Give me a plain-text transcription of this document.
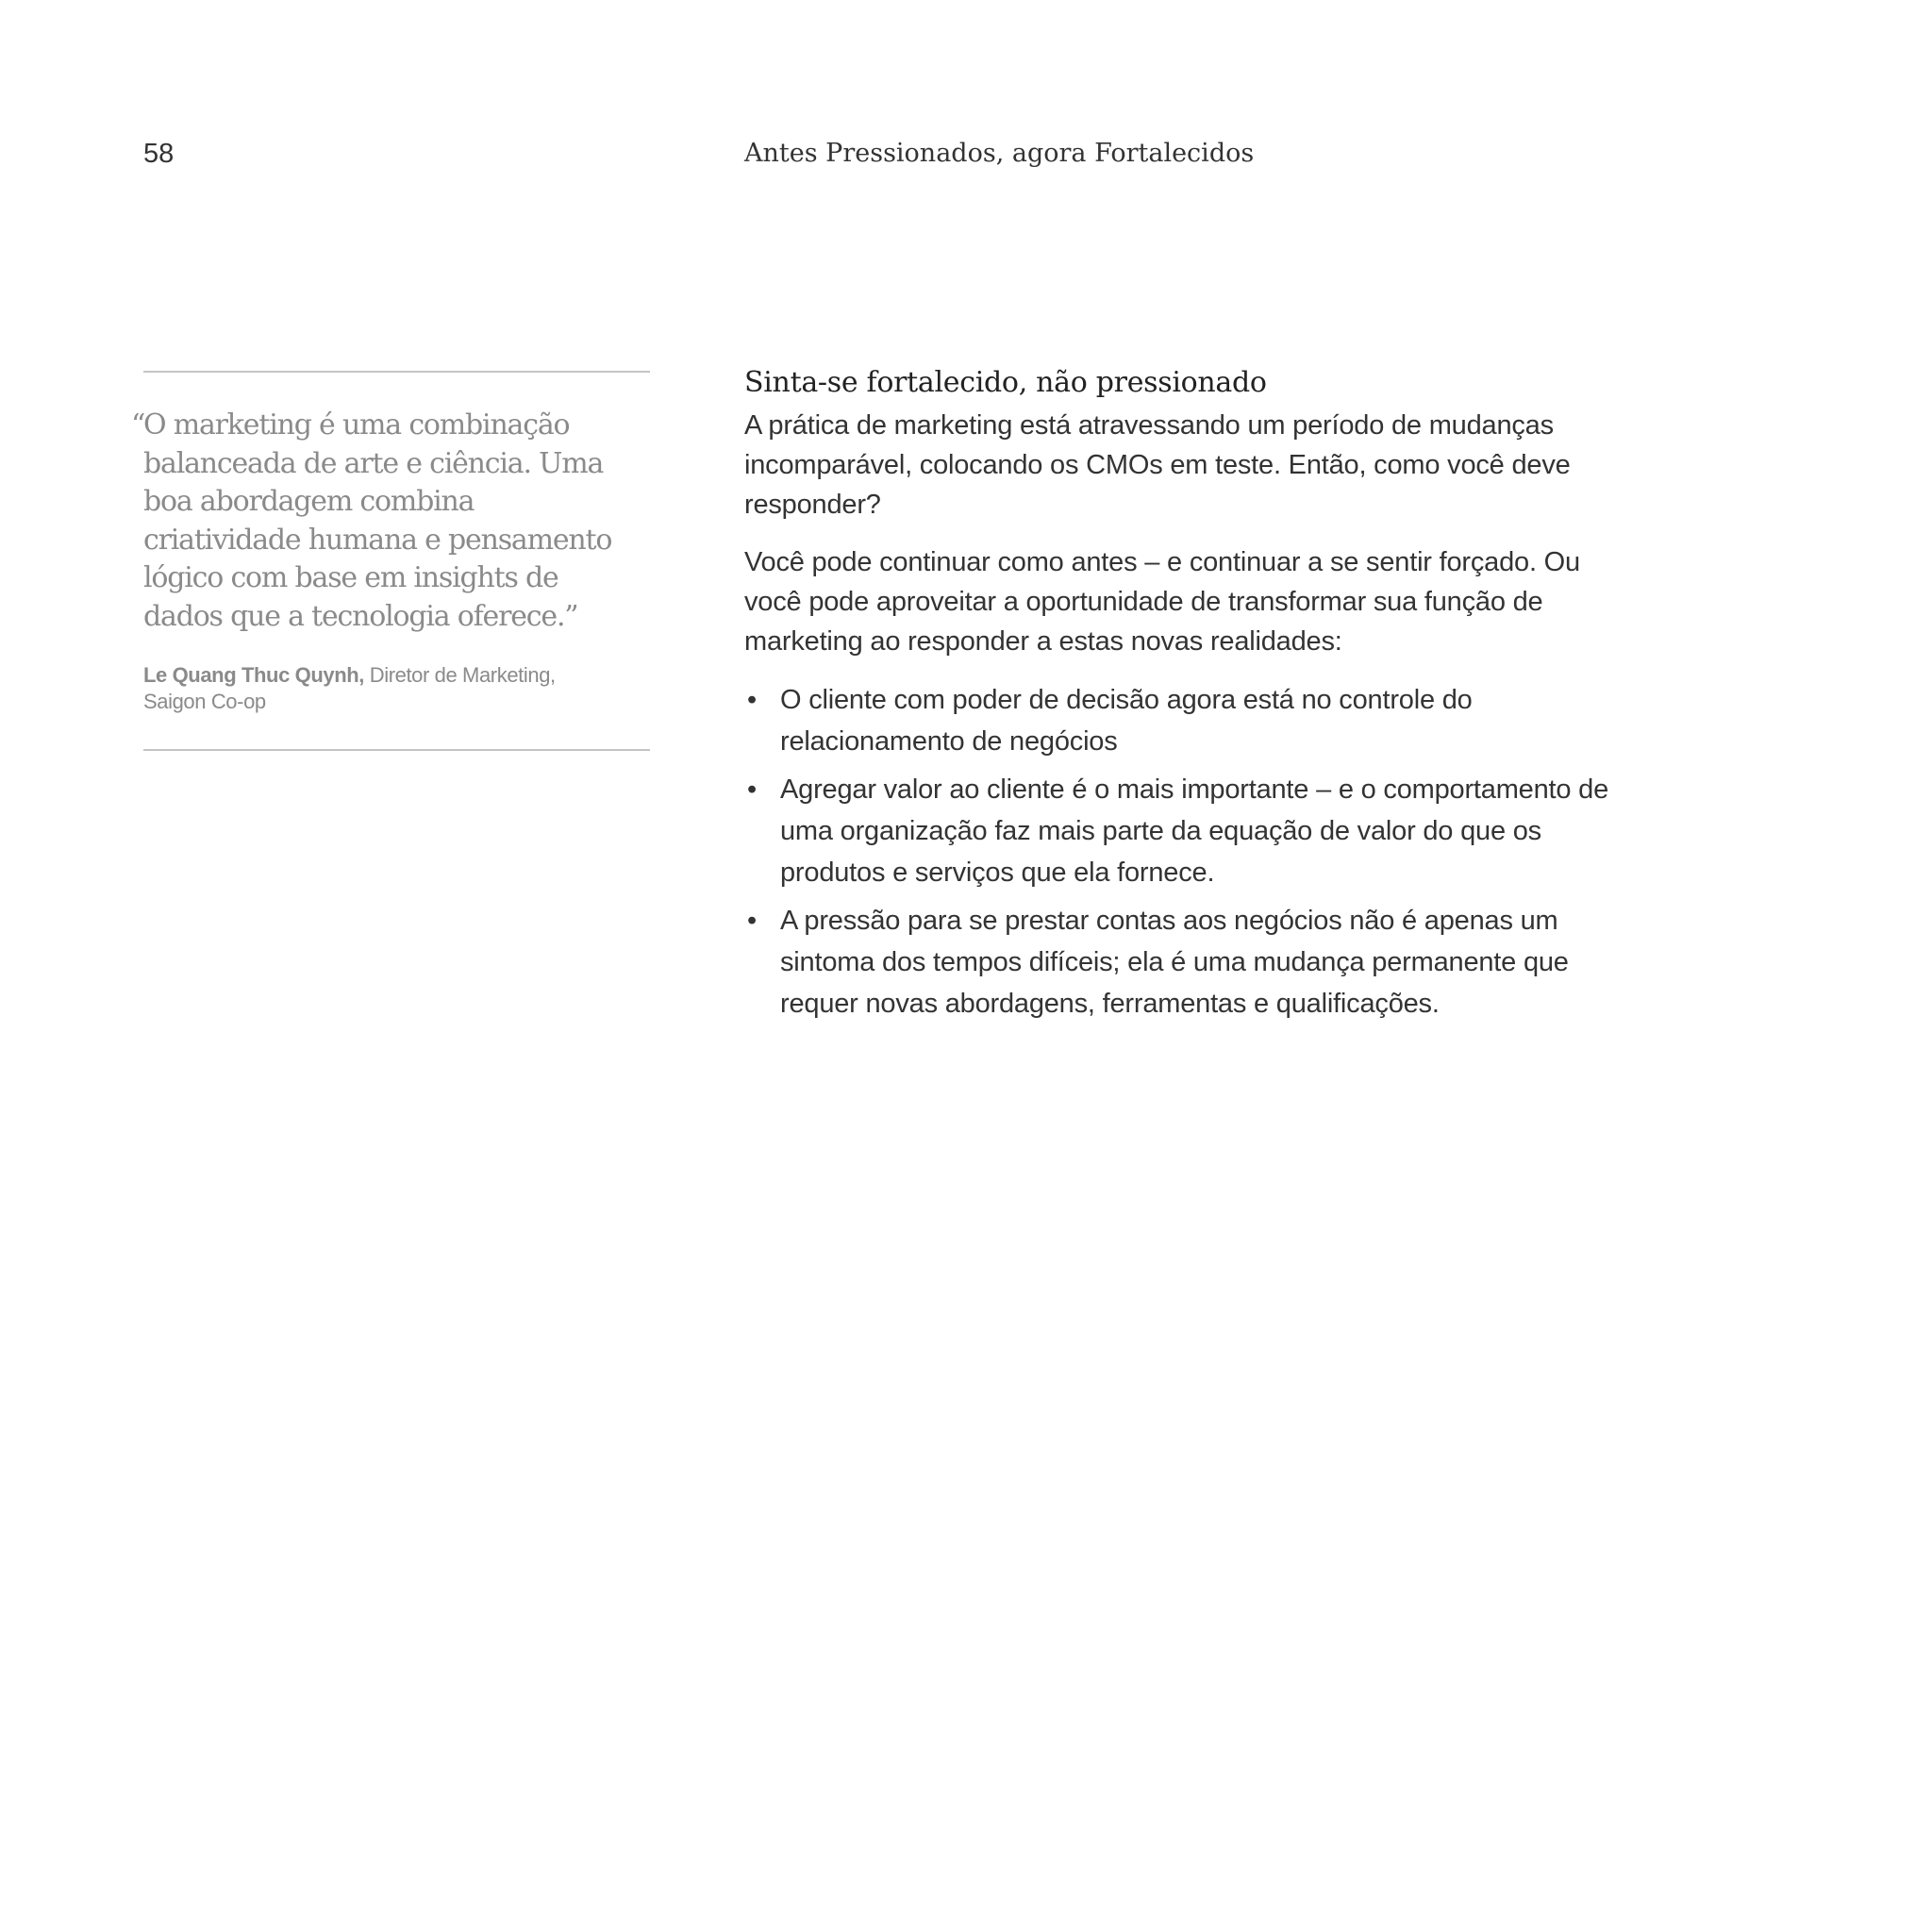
58	Antes Pressionados, agora Fortalecidos
“
O marketing é uma combinação
balanceada de arte e ciência. Uma
boa abordagem combina
criatividade humana e pensamento
lógico com base em insights de
dados que a tecnologia oferece.”
Le Quang Thuc Quynh, Diretor de Marketing,
Saigon Co-op
Sinta-se fortalecido, não pressionado
A prática de marketing está atravessando um período de mudanças
incomparável, colocando os CMOs em teste. Então, como você deve
responder?
Você pode continuar como antes – e continuar a se sentir forçado. Ou
você pode aproveitar a oportunidade de transformar sua função de
marketing ao responder a estas novas realidades:
• O cliente com poder de decisão agora está no controle do
relacionamento de negócios
• Agregar valor ao cliente é o mais importante – e o comportamento de
uma organização faz mais parte da equação de valor do que os
produtos e serviços que ela fornece.
• A pressão para se prestar contas aos negócios não é apenas um
sintoma dos tempos difíceis; ela é uma mudança permanente que
requer novas abordagens, ferramentas e qualificações.
